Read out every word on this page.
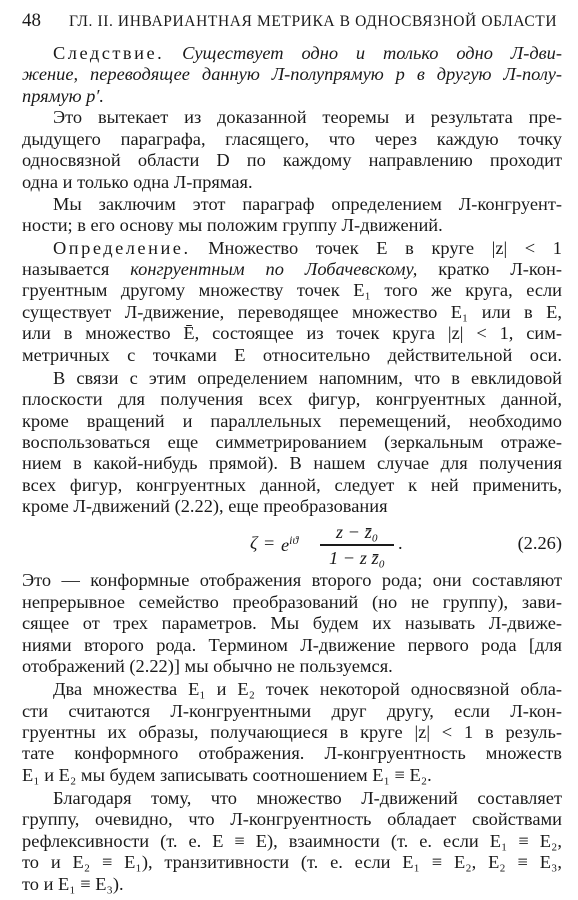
48 ГЛ. II. ИНВАРИАНТНАЯ МЕТРИКА В ОДНОСВЯЗНОЙ ОБЛАСТИ
Следствие. Существует одно и только одно Л-дви-
жение, переводящее данную Л-полупрямую p в другую Л-полу-
прямую p′.
Это вытекает из доказанной теоремы и результата пре-
дыдущего параграфа, гласящего, что через каждую точку
односвязной области D по каждому направлению проходит
одна и только одна Л-прямая.
Мы заключим этот параграф определением Л-конгруент-
ности; в его основу мы положим группу Л-движений.
Определение. Множество точек E в круге |z| < 1
называется конгруентным по Лобачевскому, кратко Л-кон-
груентным другому множеству точек E₁ того же круга, если
существует Л-движение, переводящее множество E₁ или в E,
или в множество Ē, состоящее из точек круга |z| < 1, сим-
метричных с точками E относительно действительной оси.
В связи с этим определением напомним, что в евклидовой
плоскости для получения всех фигур, конгруентных данной,
кроме вращений и параллельных перемещений, необходимо
воспользоваться еще симметрированием (зеркальным отраже-
нием в какой-нибудь прямой). В нашем случае для получения
всех фигур, конгруентных данной, следует к ней применить,
кроме Л-движений (2.22), еще преобразования
$\zeta = e^{iϑ}$	z − z̄₀
1 − z z̄₀
.	(2.26)
Это — конформные отображения второго рода; они составляют
непрерывное семейство преобразований (но не группу), зави-
сящее от трех параметров. Мы будем их называть Л-движе-
ниями второго рода. Термином Л-движение первого рода [для
отображений (2.22)] мы обычно не пользуемся.
Два множества E₁ и E₂ точек некоторой односвязной обла-
сти считаются Л-конгруентными друг другу, если Л-кон-
груентны их образы, получающиеся в круге |z| < 1 в резуль-
тате конформного отображения. Л-конгруентность множеств
E₁ и E₂ мы будем записывать соотношением E₁ ≡ E₂.
Благодаря тому, что множество Л-движений составляет
группу, очевидно, что Л-конгруентность обладает свойствами
рефлексивности (т. е. E ≡ E), взаимности (т. е. если E₁ ≡ E₂,
то и E₂ ≡ E₁), транзитивности (т. е. если E₁ ≡ E₂, E₂ ≡ E₃,
то и E₁ ≡ E₃).
